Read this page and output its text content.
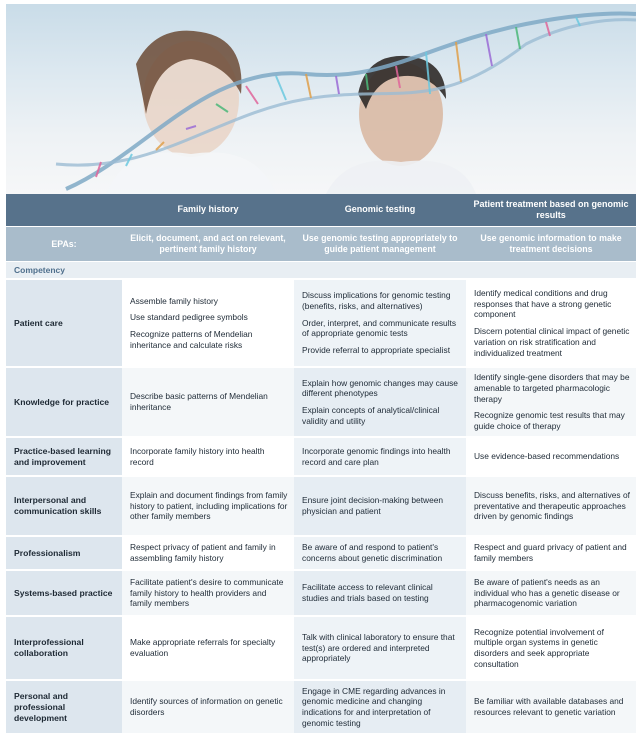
Family history	Genomic testing
Patient treatment based on genomic results
EPAs:
Elicit, document, and act on relevant, pertinent family history
Use genomic testing appropriately to guide patient management
Use genomic information to make treatment decisions
Competency
Patient care
Assemble family history
Use standard pedigree symbols
Recognize patterns of Mendelian inheritance and calculate risks
Discuss implications for genomic testing (benefits, risks, and alternatives)
Order, interpret, and communicate results of appropriate genomic tests
Provide referral to appropriate specialist
Identify medical conditions and drug responses that have a strong genetic component
Discern potential clinical impact of genetic variation on risk stratification and individualized treatment
Knowledge for practice
Describe basic patterns of Mendelian inheritance
Explain how genomic changes may cause different phenotypes
Explain concepts of analytical/clinical validity and utility
Identify single-gene disorders that may be amenable to targeted pharmacologic therapy
Recognize genomic test results that may guide choice of therapy
Practice-based learning and improvement
Incorporate family history into health record
Incorporate genomic findings into health record and care plan
Use evidence-based recommendations
Interpersonal and communication skills
Explain and document findings from family history to patient, including implications for other family members
Ensure joint decision-making between physician and patient
Discuss benefits, risks, and alternatives of preventative and therapeutic approaches driven by genomic findings
Professionalism
Respect privacy of patient and family in assembling family history
Be aware of and respond to patient's concerns about genetic discrimination
Respect and guard privacy of patient and family members
Systems-based practice
Facilitate patient's desire to communicate family history to health providers and family members
Facilitate access to relevant clinical studies and trials based on testing
Be aware of patient's needs as an individual who has a genetic disease or pharmacogenomic variation
Interprofessional collaboration
Make appropriate referrals for specialty evaluation
Talk with clinical laboratory to ensure that test(s) are ordered and interpreted appropriately
Recognize potential involvement of multiple organ systems in genetic disorders and seek appropriate consultation
Personal and professional development
Identify sources of information on genetic disorders
Engage in CME regarding advances in genomic medicine and changing indications for and interpretation of genomic testing
Be familiar with available databases and resources relevant to genetic variation
